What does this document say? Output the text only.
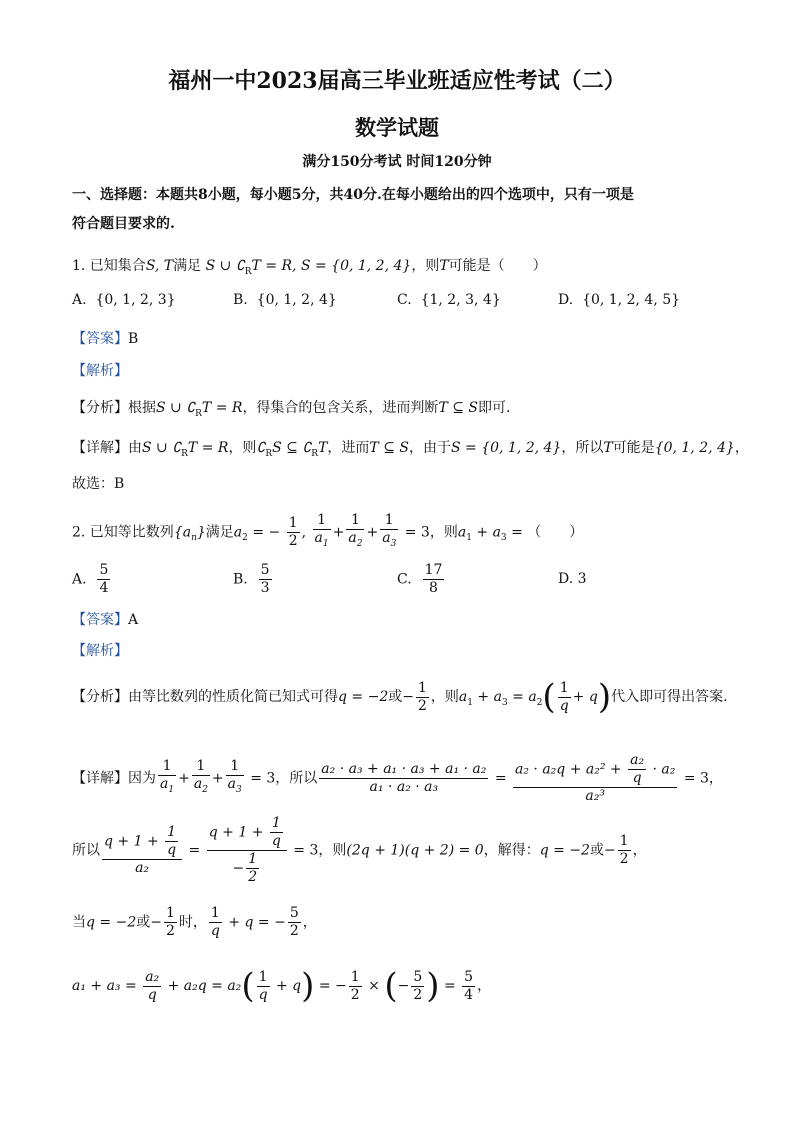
福州一中2023届高三毕业班适应性考试（二）
数学试题
满分150分考试 时间120分钟
一、选择题：本题共8小题，每小题5分，共40分.在每小题给出的四个选项中，只有一项是
符合题目要求的.
1. 已知集合S, T满足 S ∪ $∁_RT = R$, S = {0, 1, 2, 4}，则T可能是（　　）
A. {0, 1, 2, 3}	B. {0, 1, 2, 4}	C. {1, 2, 3, 4}	D. {0, 1, 2, 4, 5}
【答案】B
【解析】
【分析】根据S ∪ $∁_RT = R$，得集合的包含关系，进而判断T ⊆ S即可.
【详解】由S ∪ $∁_RT = R$，则$∁_RS$ ⊆ $∁_RT$，进而T ⊆ S，由于S = {0, 1, 2, 4}，所以T可能是{0, 1, 2, 4}，
故选：B
2. 已知等比数列$\{a_n\}$满足$a_2$ = − $\frac{1}{2}$ , $\frac{1}{a_1} + \frac{1}{a_2} + \frac{1}{a_3} = 3$，则$a_1 + a_3$ = （　　）
A. $\frac{5}{4}$	B. $\frac{5}{3}$	C. $\frac{17}{8}$	D. 3
【答案】A
【解析】
【分析】由等比数列的性质化简已知式可得q = −2或− $\frac{1}{2}$ ，则$a_1 + a_3 = a_2( \frac{1}{q} + q)$代入即可得出答案.
【详解】因为 $\frac{1}{a_1} + \frac{1}{a_2} + \frac{1}{a_3} = 3$，所以 $\frac{\text{a₂ · a₃ + a₁ · a₃ + a₁ · a₂}}{\text{a₁ · a₂ · a₃}} = \frac{a_2 \cdot a_2q + a_2^2 + \frac{\text{a₂}}{q} \cdot a_2}{\text{a₂³}} = 3$，
所以 $\frac{q + 1 + \frac{1}{q}}{\text{a₂}} = \frac{q + 1 + \frac{1}{q}}{- \frac{1}{2}} = 3$，则(2q + 1)(q + 2) = 0，解得：q = −2或− $\frac{1}{2}$ ，
当q = −2或− $\frac{1}{2}$ 时， $\frac{1}{q} + q$ = − $\frac{5}{2}$ ，
$a_1 + a_3 = \frac{\text{a₂}}{q} + a_2q = a_2( \frac{1}{q} + q)$ = − $\frac{1}{2}$ × (− $\frac{5}{2}$ ) = $\frac{5}{4}$ ，
